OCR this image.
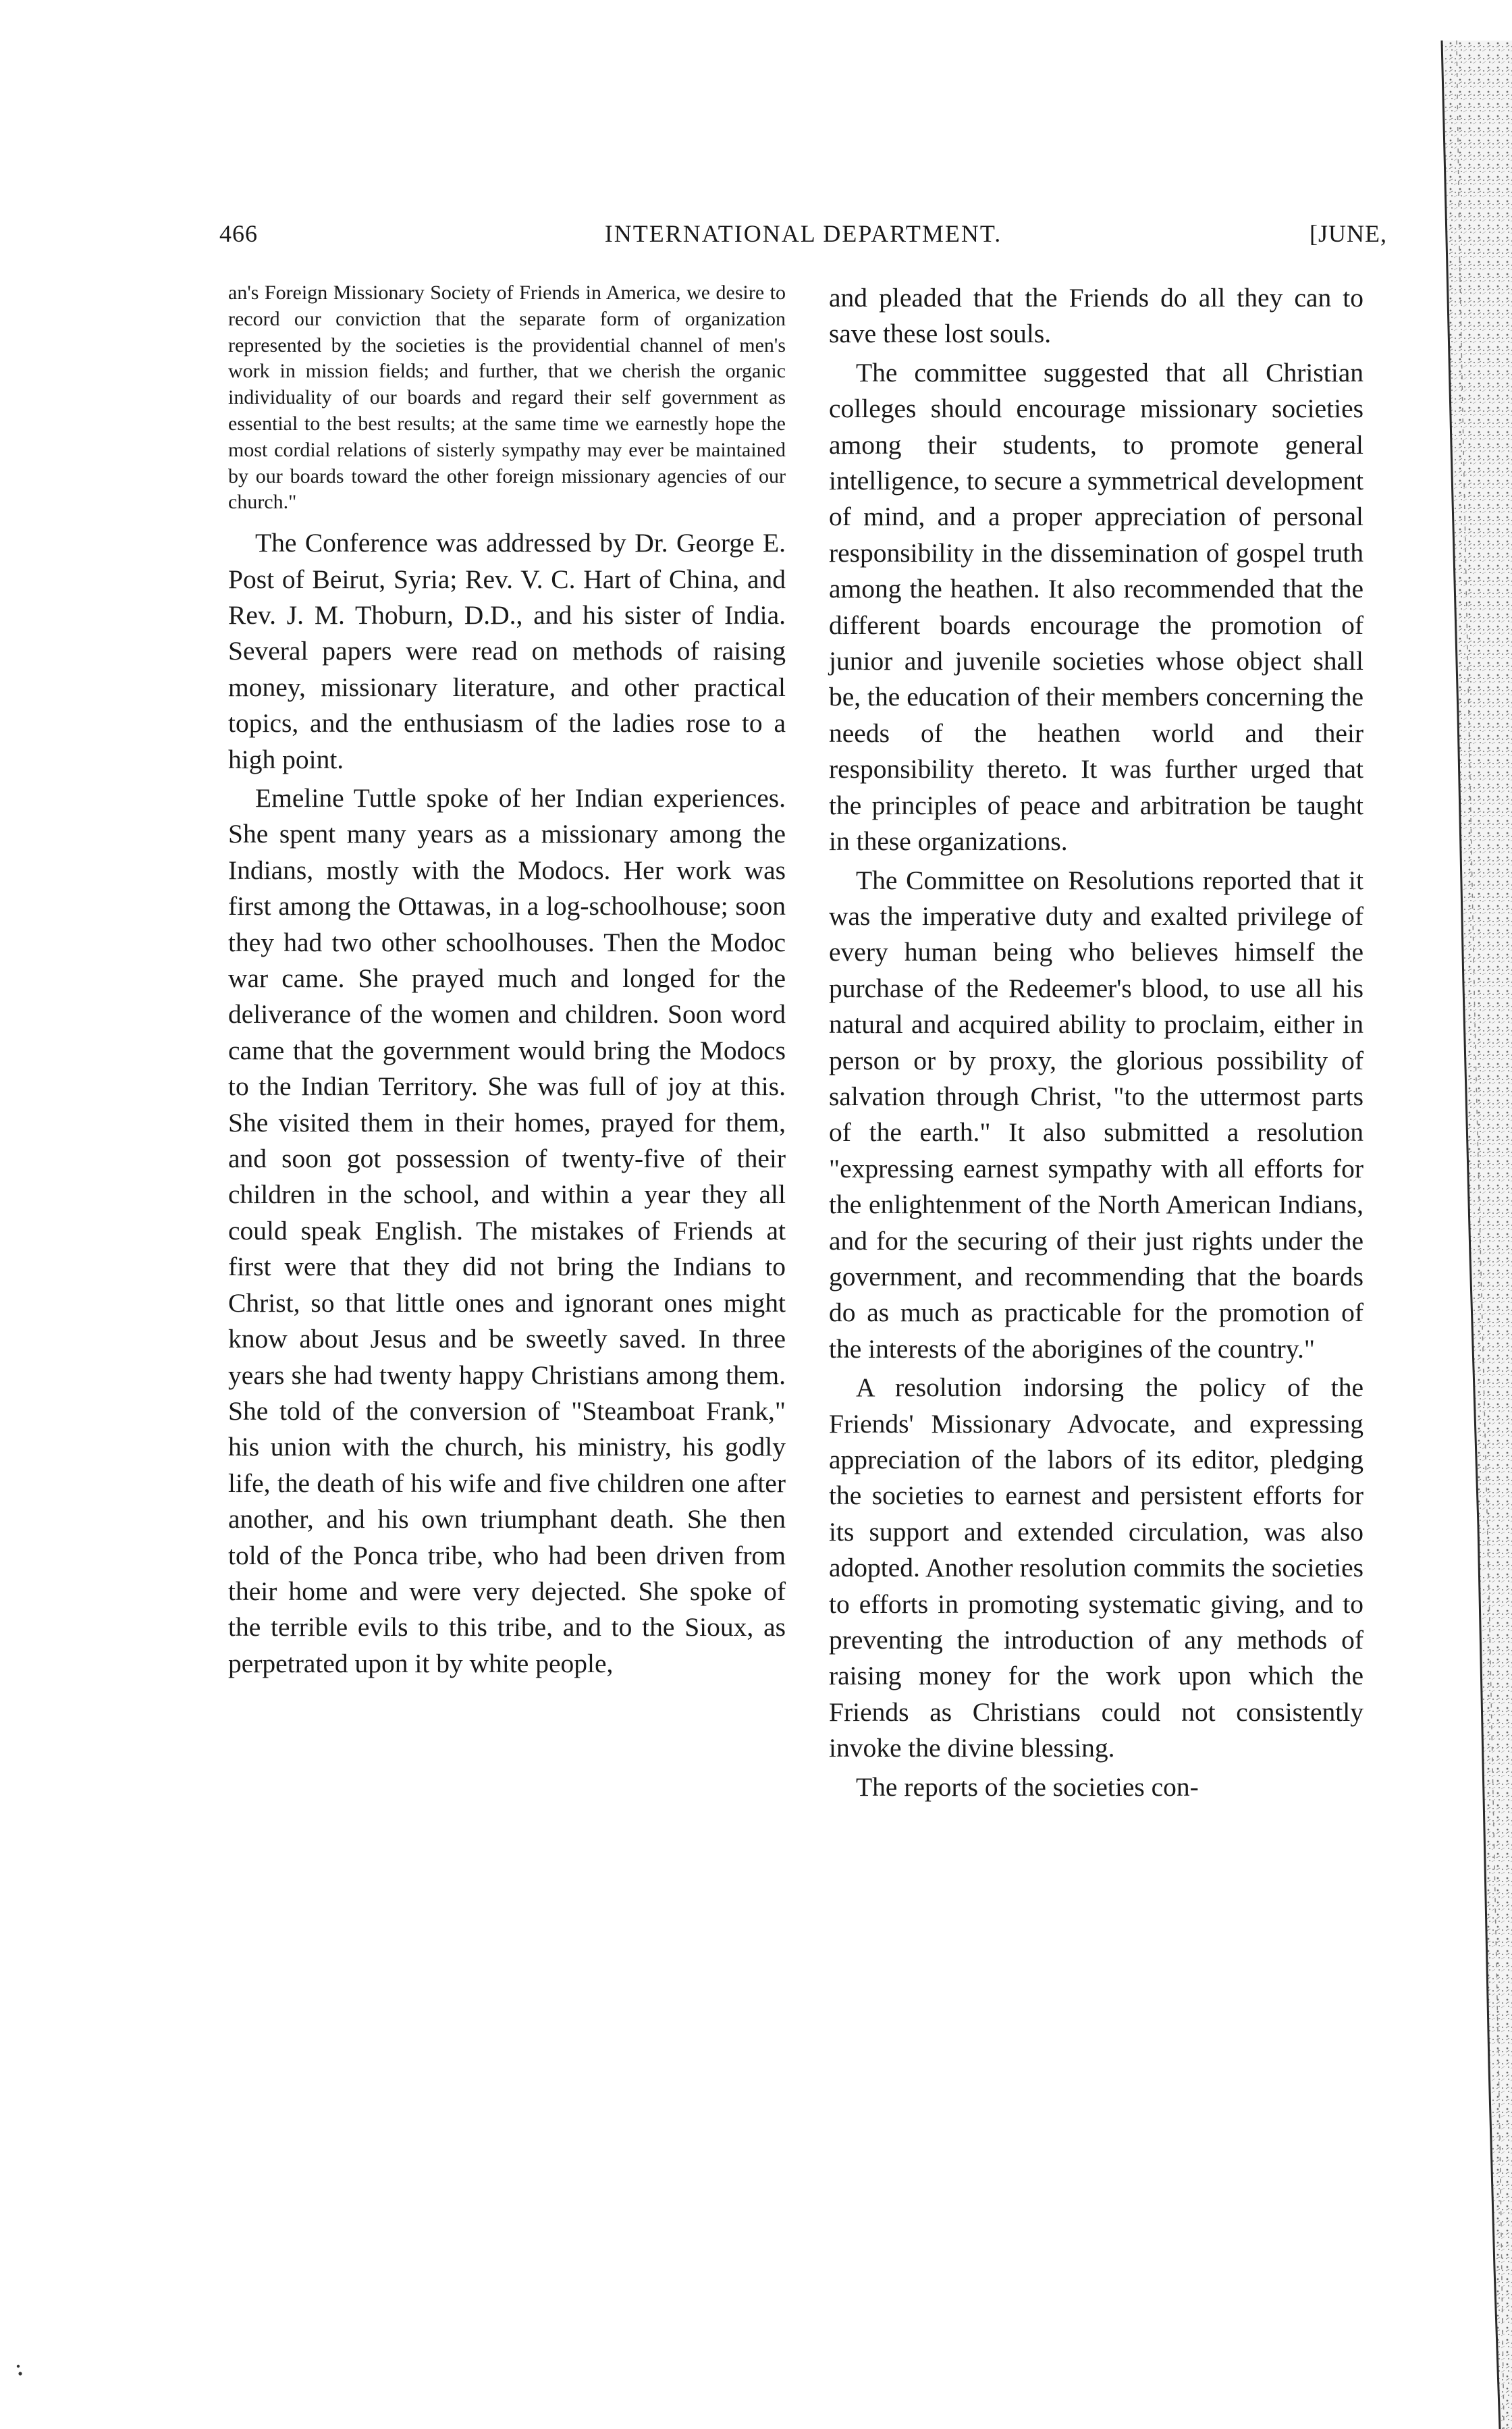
466	INTERNATIONAL DEPARTMENT.	[JUNE,

an's Foreign Missionary Society of Friends in America, we desire to record our conviction that the separate form of organization represented by the societies is the providential channel of men's work in mission fields; and further, that we cherish the organic individuality of our boards and regard their self government as essential to the best results; at the same time we earnestly hope the most cordial relations of sisterly sympathy may ever be maintained by our boards toward the other foreign missionary agencies of our church."

The Conference was addressed by Dr. George E. Post of Beirut, Syria; Rev. V. C. Hart of China, and Rev. J. M. Thoburn, D.D., and his sister of India. Several papers were read on methods of raising money, missionary literature, and other practical topics, and the enthusiasm of the ladies rose to a high point.

Emeline Tuttle spoke of her Indian experiences. She spent many years as a missionary among the Indians, mostly with the Modocs. Her work was first among the Ottawas, in a log-schoolhouse; soon they had two other schoolhouses. Then the Modoc war came. She prayed much and longed for the deliverance of the women and children. Soon word came that the government would bring the Modocs to the Indian Territory. She was full of joy at this. She visited them in their homes, prayed for them, and soon got possession of twenty-five of their children in the school, and within a year they all could speak English. The mistakes of Friends at first were that they did not bring the Indians to Christ, so that little ones and ignorant ones might know about Jesus and be sweetly saved. In three years she had twenty happy Christians among them. She told of the conversion of "Steamboat Frank," his union with the church, his ministry, his godly life, the death of his wife and five children one after another, and his own triumphant death. She then told of the Ponca tribe, who had been driven from their home and were very dejected. She spoke of the terrible evils to this tribe, and to the Sioux, as perpetrated upon it by white people,

and pleaded that the Friends do all they can to save these lost souls.

The committee suggested that all Christian colleges should encourage missionary societies among their students, to promote general intelligence, to secure a symmetrical development of mind, and a proper appreciation of personal responsibility in the dissemination of gospel truth among the heathen. It also recommended that the different boards encourage the promotion of junior and juvenile societies whose object shall be, the education of their members concerning the needs of the heathen world and their responsibility thereto. It was further urged that the principles of peace and arbitration be taught in these organizations.

The Committee on Resolutions reported that it was the imperative duty and exalted privilege of every human being who believes himself the purchase of the Redeemer's blood, to use all his natural and acquired ability to proclaim, either in person or by proxy, the glorious possibility of salvation through Christ, "to the uttermost parts of the earth." It also submitted a resolution "expressing earnest sympathy with all efforts for the enlightenment of the North American Indians, and for the securing of their just rights under the government, and recommending that the boards do as much as practicable for the promotion of the interests of the aborigines of the country."

A resolution indorsing the policy of the Friends' Missionary Advocate, and expressing appreciation of the labors of its editor, pledging the societies to earnest and persistent efforts for its support and extended circulation, was also adopted. Another resolution commits the societies to efforts in promoting systematic giving, and to preventing the introduction of any methods of raising money for the work upon which the Friends as Christians could not consistently invoke the divine blessing.

The reports of the societies con-
